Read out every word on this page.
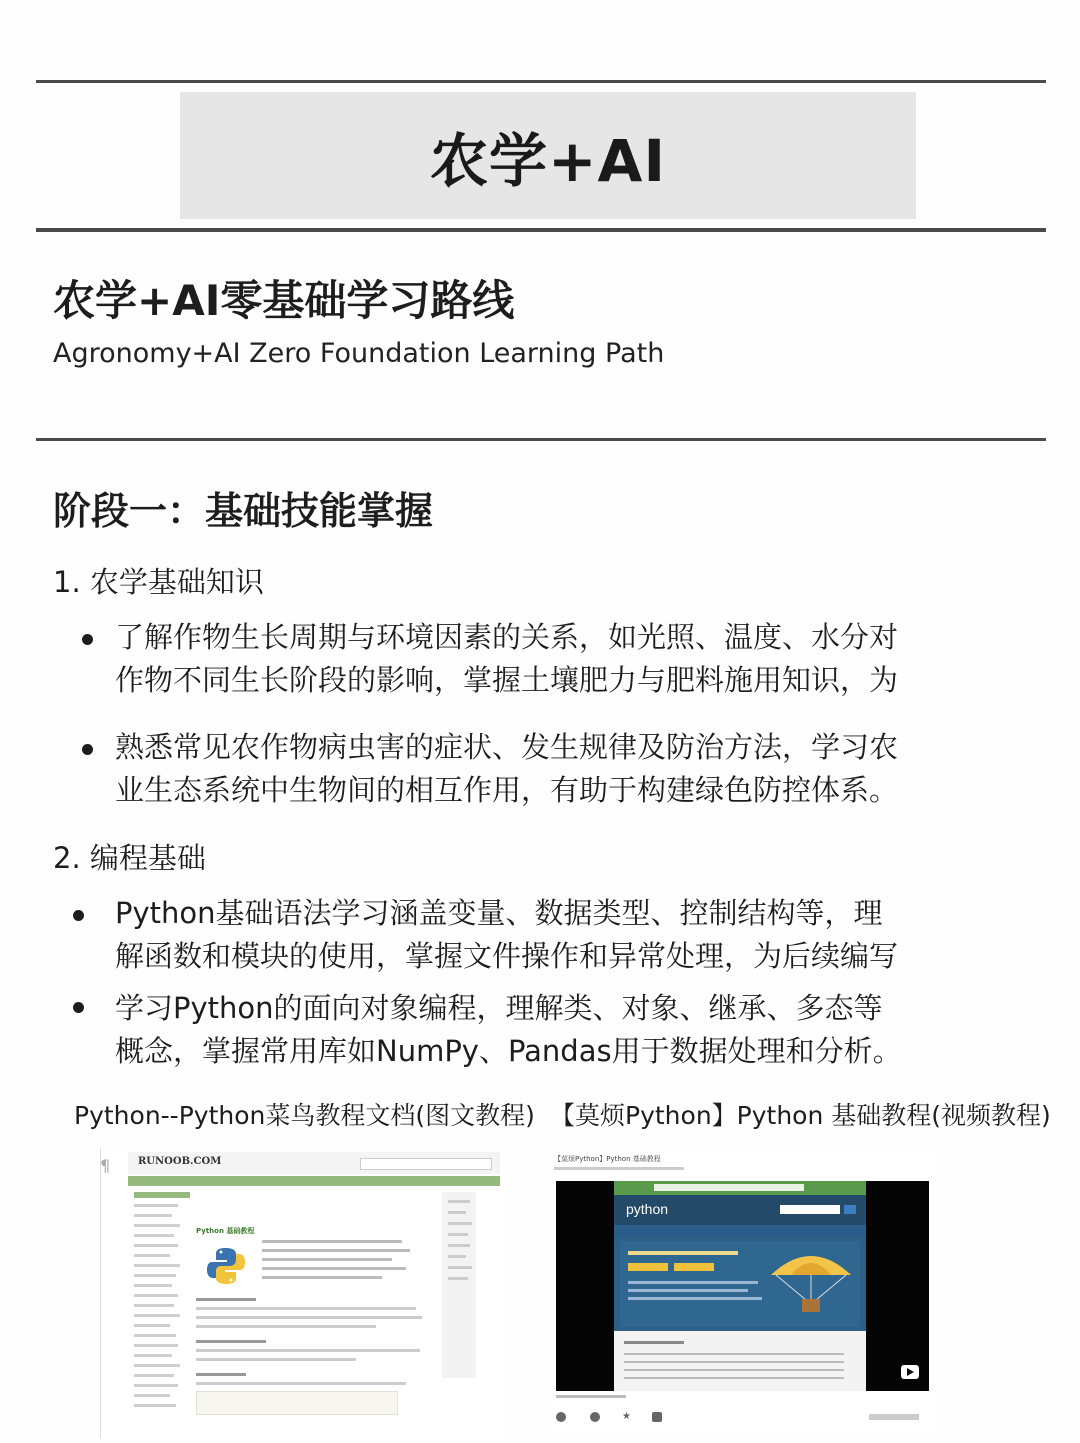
农学+AI
农学+AI零基础学习路线
Agronomy+AI Zero Foundation Learning Path
阶段一：基础技能掌握
1. 农学基础知识
了解作物生长周期与环境因素的关系，如光照、温度、水分对
作物不同生长阶段的影响，掌握土壤肥力与肥料施用知识，为
熟悉常见农作物病虫害的症状、发生规律及防治方法，学习农
业生态系统中生物间的相互作用，有助于构建绿色防控体系。
2. 编程基础
Python基础语法学习涵盖变量、数据类型、控制结构等，理
解函数和模块的使用，掌握文件操作和异常处理，为后续编写
学习Python的面向对象编程，理解类、对象、继承、多态等
概念，掌握常用库如NumPy、Pandas用于数据处理和分析。
Python--Python菜鸟教程文档(图文教程) 【莫烦Python】Python 基础教程(视频教程)
¶	RUNOOB.COM
Python 基础教程
【莫烦Python】Python 基础教程
python
★
